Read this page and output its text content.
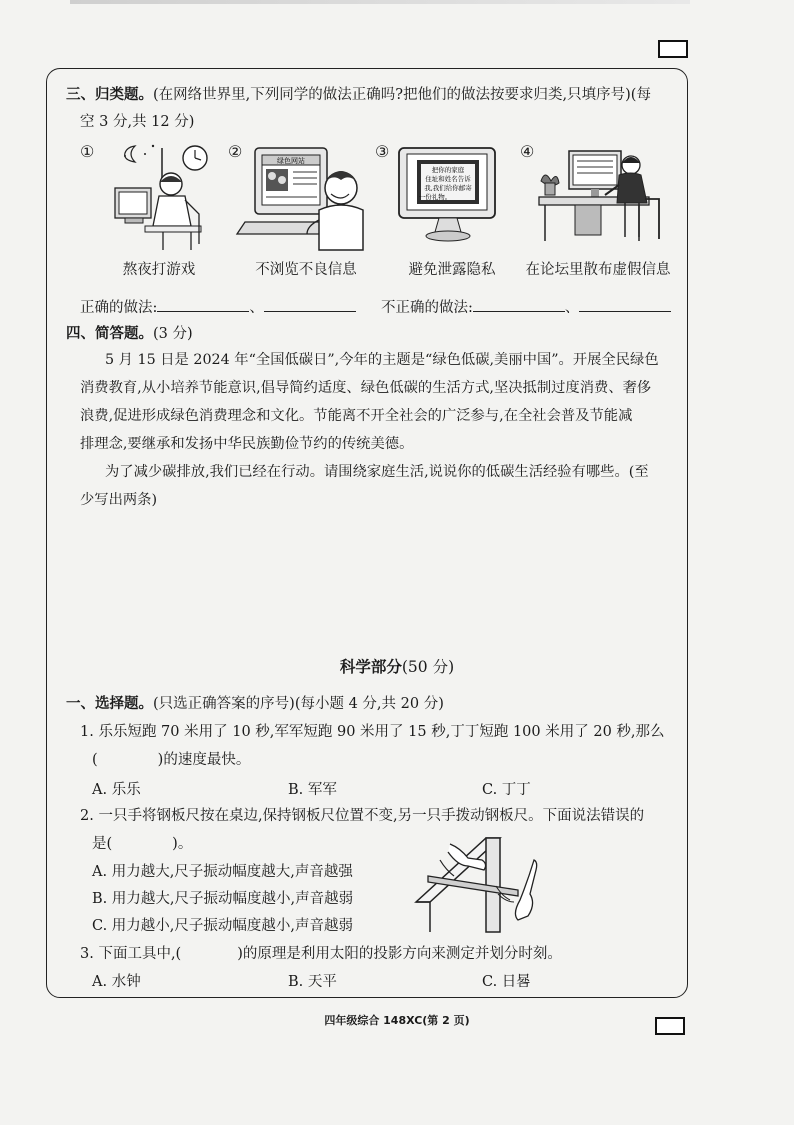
三、归类题。(在网络世界里,下列同学的做法正确吗?把他们的做法按要求归类,只填序号)(每
空 3 分,共 12 分)
①	②	③	④
绿色网站
把你的家庭
住址和姓名告诉
我,我们给你邮寄
一份礼物。
熬夜打游戏	不浏览不良信息	避免泄露隐私	在论坛里散布虚假信息
正确的做法:	、	不正确的做法:	、
四、简答题。(3 分)
5 月 15 日是 2024 年“全国低碳日”,今年的主题是“绿色低碳,美丽中国”。开展全民绿色
消费教育,从小培养节能意识,倡导简约适度、绿色低碳的生活方式,坚决抵制过度消费、奢侈
浪费,促进形成绿色消费理念和文化。节能离不开全社会的广泛参与,在全社会普及节能减
排理念,要继承和发扬中华民族勤俭节约的传统美德。
为了减少碳排放,我们已经在行动。请围绕家庭生活,说说你的低碳生活经验有哪些。(至
少写出两条)
科学部分(50 分)
一、选择题。(只选正确答案的序号)(每小题 4 分,共 20 分)
1. 乐乐短跑 70 米用了 10 秒,军军短跑 90 米用了 15 秒,丁丁短跑 100 米用了 20 秒,那么
(	)的速度最快。
A. 乐乐	B. 军军	C. 丁丁
2. 一只手将钢板尺按在桌边,保持钢板尺位置不变,另一只手拨动钢板尺。下面说法错误的
是(	)。
A. 用力越大,尺子振动幅度越大,声音越强
B. 用力越大,尺子振动幅度越小,声音越弱
C. 用力越小,尺子振动幅度越小,声音越弱
3. 下面工具中,(	)的原理是利用太阳的投影方向来测定并划分时刻。
A. 水钟	B. 天平	C. 日晷
四年级综合 148XC(第 2 页)
